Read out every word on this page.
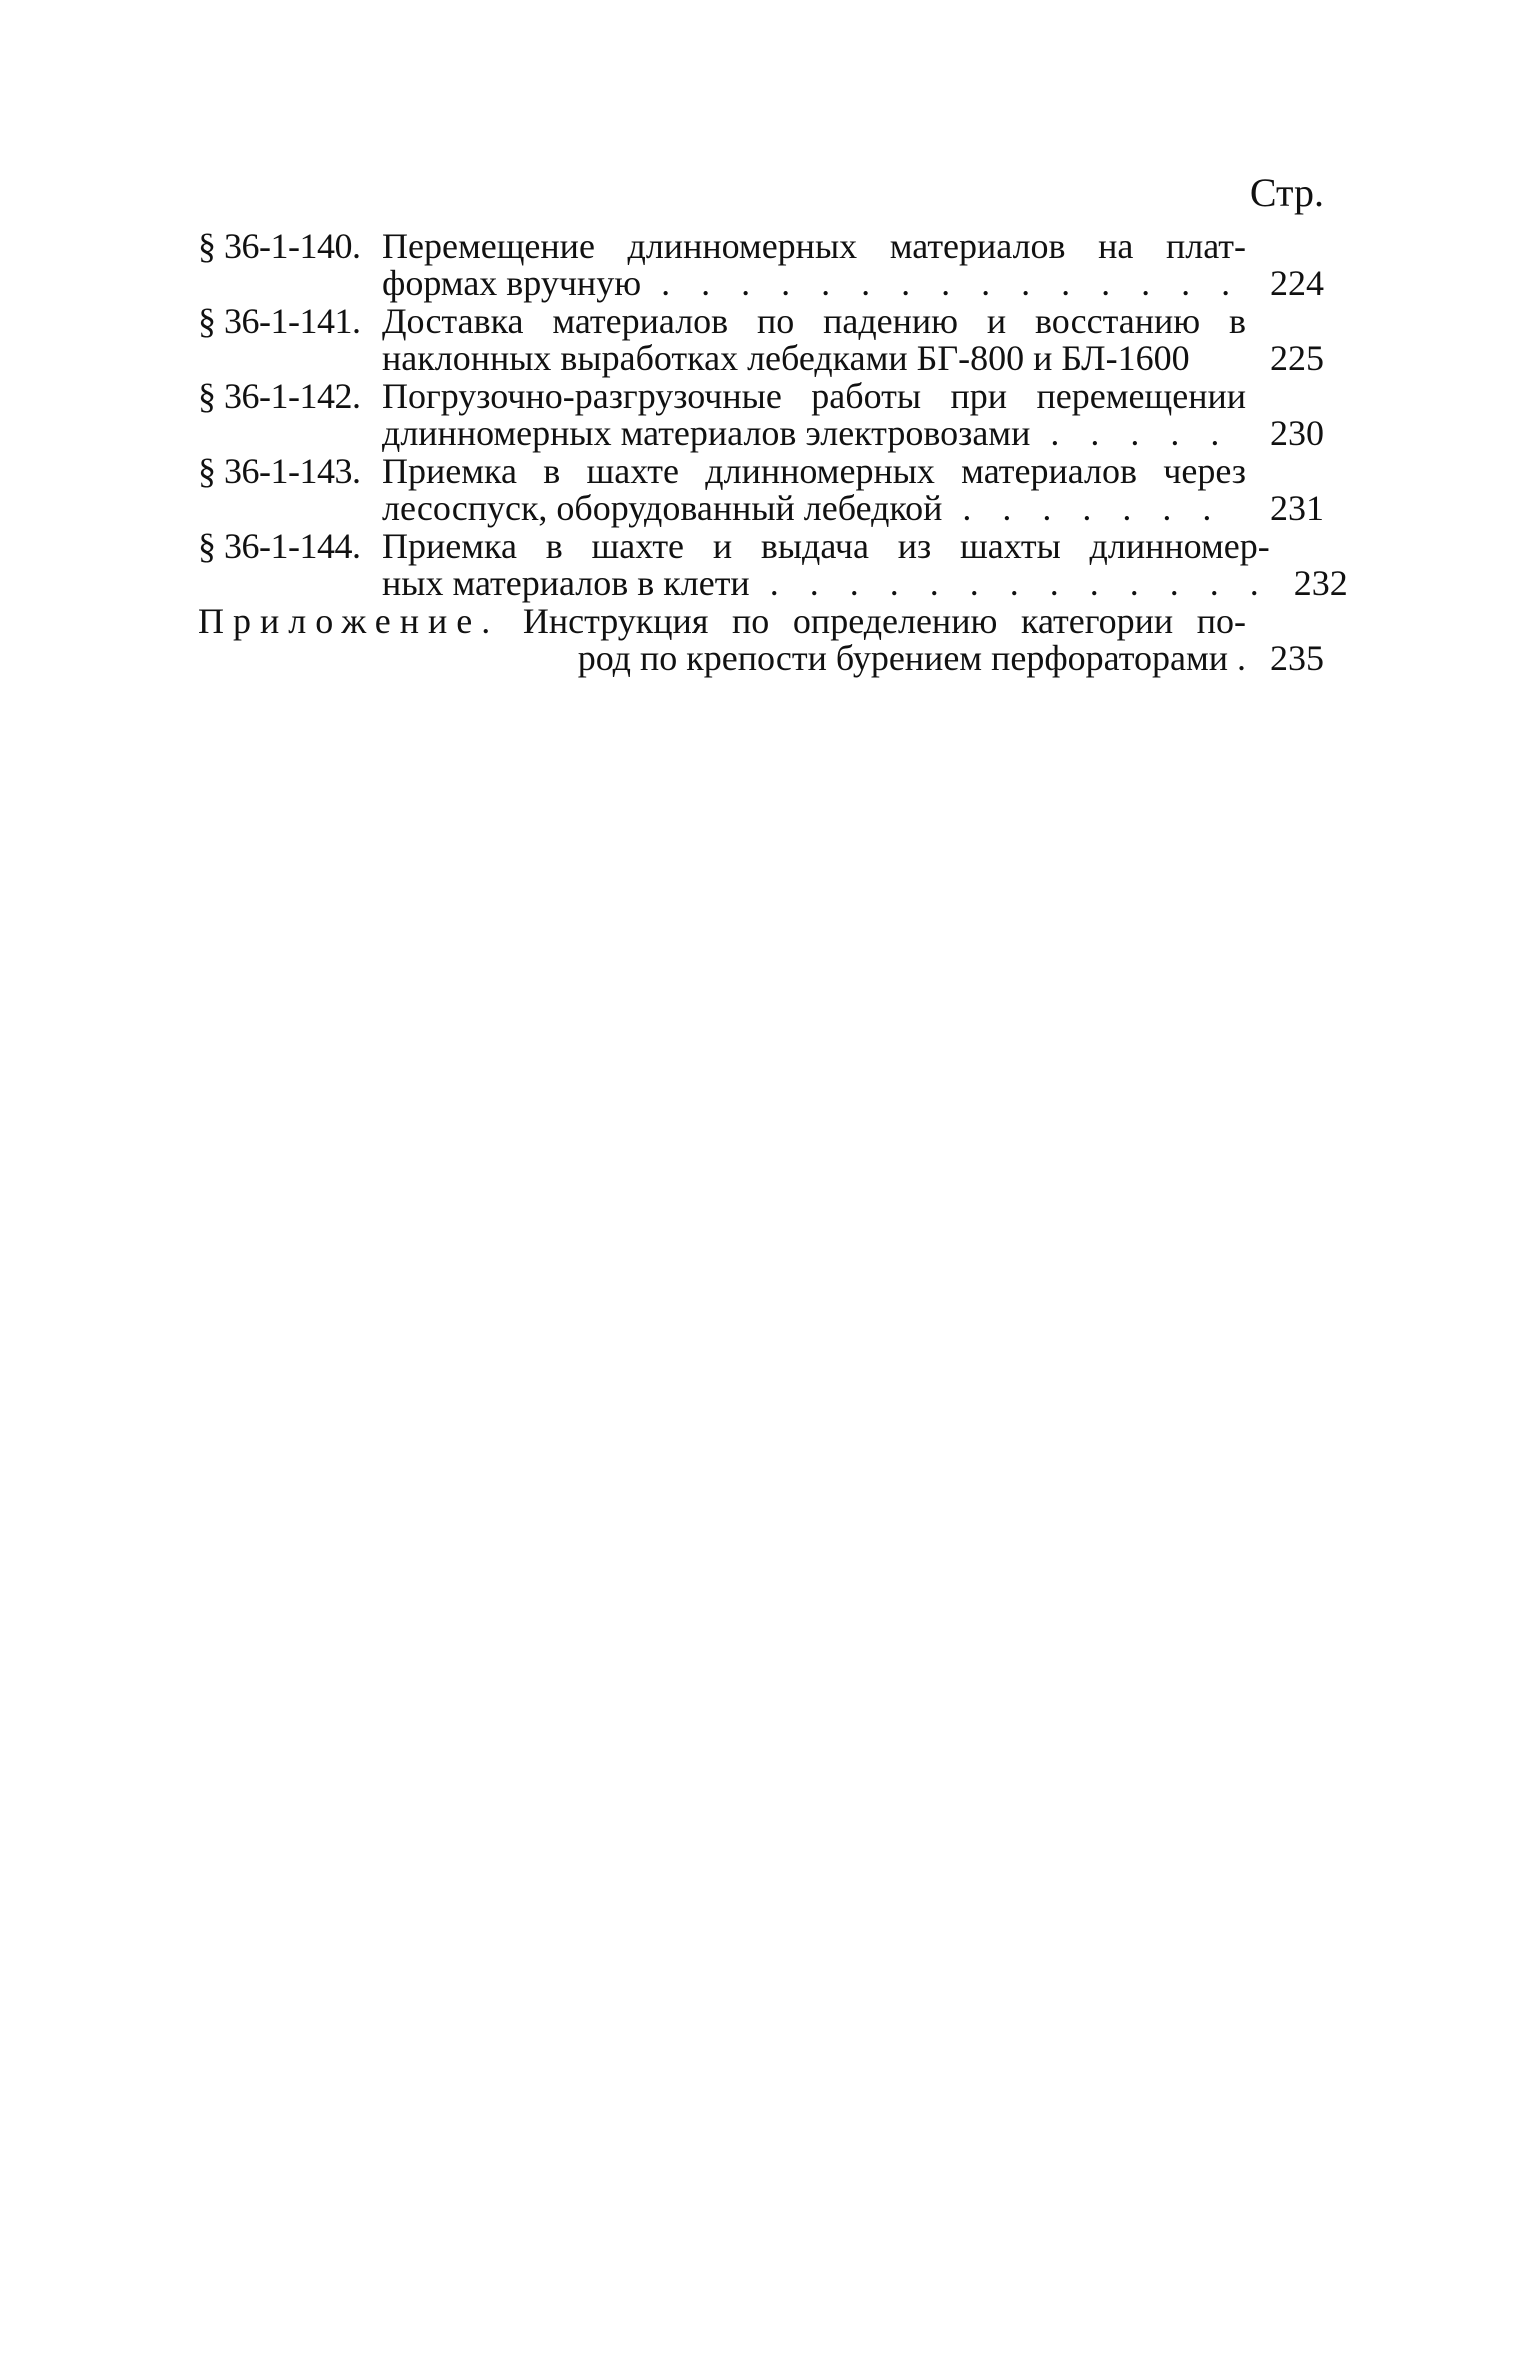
Стр.
§ 36-1-140. Перемещение длинномерных материалов на плат-
формах вручную . . . . . . . . . . . . . . . 224
§ 36-1-141. Доставка материалов по падению и восстанию в
наклонных выработках лебедками БГ-800 и БЛ-1600	225
§ 36-1-142. Погрузочно-разгрузочные работы при перемещении
длинномерных материалов электровозами . . . . .	230
§ 36-1-143. Приемка в шахте длинномерных материалов через
лесоспуск, оборудованный лебедкой . . . . . . .	231
§ 36-1-144. Приемка в шахте и выдача из шахты длинномер-
ных материалов в клети . . . . . . . . . . . . . 232
Приложение. Инструкция по определению категории по-
род по крепости бурением перфораторами . 235
